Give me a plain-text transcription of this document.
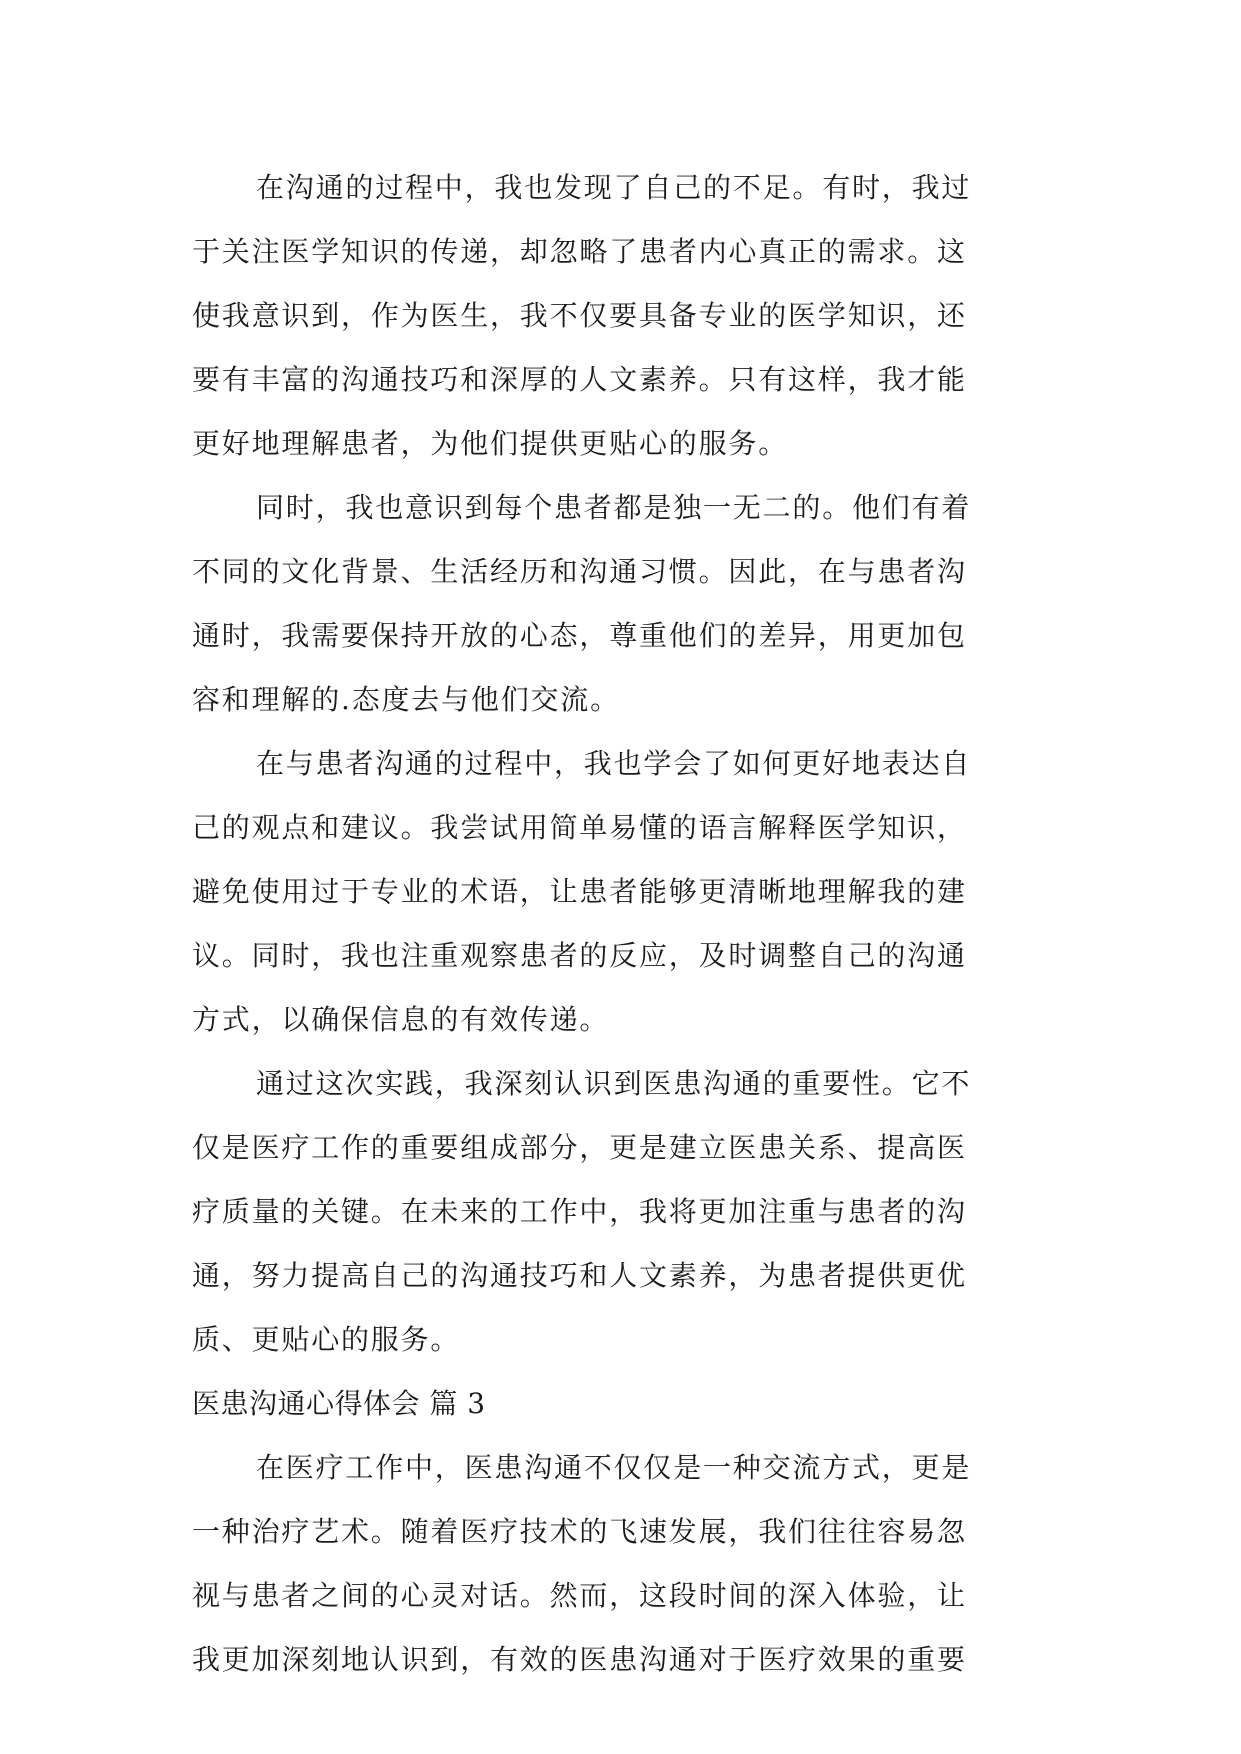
在沟通的过程中，我也发现了自己的不足。有时，我过
于关注医学知识的传递，却忽略了患者内心真正的需求。这
使我意识到，作为医生，我不仅要具备专业的医学知识，还
要有丰富的沟通技巧和深厚的人文素养。只有这样，我才能
更好地理解患者，为他们提供更贴心的服务。
同时，我也意识到每个患者都是独一无二的。他们有着
不同的文化背景、生活经历和沟通习惯。因此，在与患者沟
通时，我需要保持开放的心态，尊重他们的差异，用更加包
容和理解的.态度去与他们交流。
在与患者沟通的过程中，我也学会了如何更好地表达自
己的观点和建议。我尝试用简单易懂的语言解释医学知识，
避免使用过于专业的术语，让患者能够更清晰地理解我的建
议。同时，我也注重观察患者的反应，及时调整自己的沟通
方式，以确保信息的有效传递。
通过这次实践，我深刻认识到医患沟通的重要性。它不
仅是医疗工作的重要组成部分，更是建立医患关系、提高医
疗质量的关键。在未来的工作中，我将更加注重与患者的沟
通，努力提高自己的沟通技巧和人文素养，为患者提供更优
质、更贴心的服务。
医患沟通心得体会 篇 3
在医疗工作中，医患沟通不仅仅是一种交流方式，更是
一种治疗艺术。随着医疗技术的飞速发展，我们往往容易忽
视与患者之间的心灵对话。然而，这段时间的深入体验，让
我更加深刻地认识到，有效的医患沟通对于医疗效果的重要
